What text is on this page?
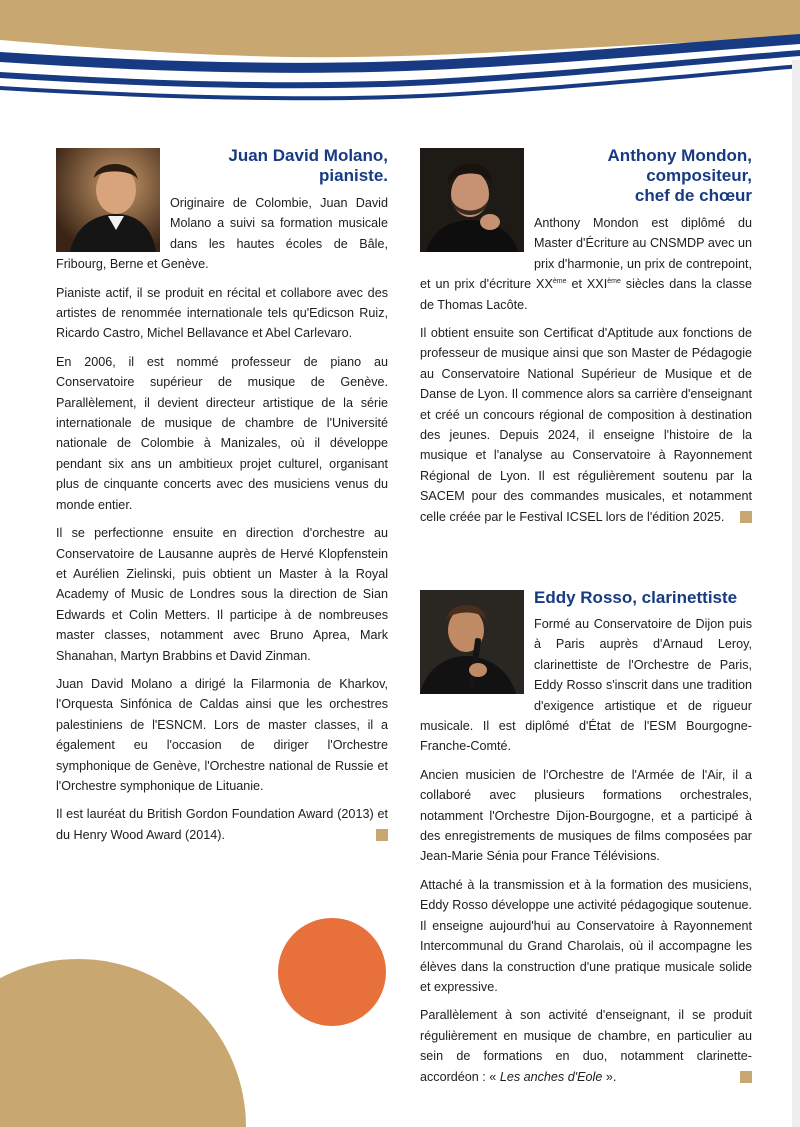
Juan David Molano,
pianiste.

Originaire de Colombie, Juan David Molano a suivi sa formation musicale dans les hautes écoles de Bâle, Fribourg, Berne et Genève.

Pianiste actif, il se produit en récital et collabore avec des artistes de renommée internationale tels qu'Edicson Ruiz, Ricardo Castro, Michel Bellavance et Abel Carlevaro.

En 2006, il est nommé professeur de piano au Conservatoire supérieur de musique de Genève. Parallèlement, il devient directeur artistique de la série internationale de musique de chambre de l'Université nationale de Colombie à Manizales, où il développe pendant six ans un ambitieux projet culturel, organisant plus de cinquante concerts avec des musiciens venus du monde entier.

Il se perfectionne ensuite en direction d'orchestre au Conservatoire de Lausanne auprès de Hervé Klopfenstein et Aurélien Zielinski, puis obtient un Master à la Royal Academy of Music de Londres sous la direction de Sian Edwards et Colin Metters. Il participe à de nombreuses master classes, notamment avec Bruno Aprea, Mark Shanahan, Martyn Brabbins et David Zinman.

Juan David Molano a dirigé la Filarmonia de Kharkov, l'Orquesta Sinfónica de Caldas ainsi que les orchestres palestiniens de l'ESNCM. Lors de master classes, il a également eu l'occasion de diriger l'Orchestre symphonique de Genève, l'Orchestre national de Russie et l'Orchestre symphonique de Lituanie.

Il est lauréat du British Gordon Foundation Award (2013) et du Henry Wood Award (2014).

Anthony Mondon,
compositeur,
chef de chœur

Anthony Mondon est diplômé du Master d'Écriture au CNSMDP avec un prix d'harmonie, un prix de contrepoint, et un prix d'écriture XXème et XXIème siècles dans la classe de Thomas Lacôte.

Il obtient ensuite son Certificat d'Aptitude aux fonctions de professeur de musique ainsi que son Master de Pédagogie au Conservatoire National Supérieur de Musique et de Danse de Lyon. Il commence alors sa carrière d'enseignant et créé un concours régional de composition à destination des jeunes. Depuis 2024, il enseigne l'histoire de la musique et l'analyse au Conservatoire à Rayonnement Régional de Lyon. Il est régulièrement soutenu par la SACEM pour des commandes musicales, et notamment celle créée par le Festival ICSEL lors de l'édition 2025.

Eddy Rosso, clarinettiste

Formé au Conservatoire de Dijon puis à Paris auprès d'Arnaud Leroy, clarinettiste de l'Orchestre de Paris, Eddy Rosso s'inscrit dans une tradition d'exigence artistique et de rigueur musicale. Il est diplômé d'État de l'ESM Bourgogne-Franche-Comté.

Ancien musicien de l'Orchestre de l'Armée de l'Air, il a collaboré avec plusieurs formations orchestrales, notamment l'Orchestre Dijon-Bourgogne, et a participé à des enregistrements de musiques de films composées par Jean-Marie Sénia pour France Télévisions.

Attaché à la transmission et à la formation des musiciens, Eddy Rosso développe une activité pédagogique soutenue. Il enseigne aujourd'hui au Conservatoire à Rayonnement Intercommunal du Grand Charolais, où il accompagne les élèves dans la construction d'une pratique musicale solide et expressive.

Parallèlement à son activité d'enseignant, il se produit régulièrement en musique de chambre, en particulier au sein de formations en duo, notamment clarinette-accordéon : « Les anches d'Eole ».
